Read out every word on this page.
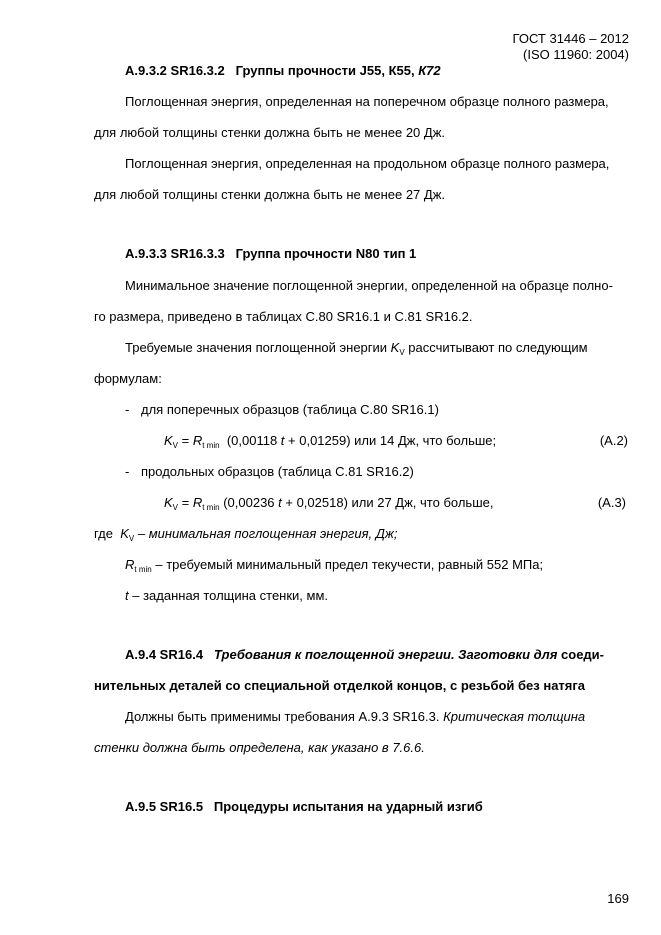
ГОСТ 31446 – 2012
(ISO 11960: 2004)
А.9.3.2 SR16.3.2 Группы прочности J55, К55, К72
Поглощенная энергия, определенная на поперечном образце полного размера,
для любой толщины стенки должна быть не менее 20 Дж.
Поглощенная энергия, определенная на продольном образце полного размера,
для любой толщины стенки должна быть не менее 27 Дж.
А.9.3.3 SR16.3.3 Группа прочности N80 тип 1
Минимальное значение поглощенной энергии, определенной на образце полно-
го размера, приведено в таблицах С.80 SR16.1 и С.81 SR16.2.
Требуемые значения поглощенной энергии $K_V$ рассчитывают по следующим
формулам:
- для поперечных образцов (таблица С.80 SR16.1)
$K_V = R_{t min}$ (0,00118 t + 0,01259) или 14 Дж, что больше;	(А.2)
- продольных образцов (таблица С.81 SR16.2)
$K_V = R_{t min}$ (0,00236 t + 0,02518) или 27 Дж, что больше,	(А.3)
где $K_V$ – минимальная поглощенная энергия, Дж;
$R_{t min}$ – требуемый минимальный предел текучести, равный 552 МПа;
t – заданная толщина стенки, мм.
А.9.4 SR16.4 Требования к поглощенной энергии. Заготовки для соеди-
нительных деталей со специальной отделкой концов, с резьбой без натяга
Должны быть применимы требования А.9.3 SR16.3. Критическая толщина
стенки должна быть определена, как указано в 7.6.6.
А.9.5 SR16.5 Процедуры испытания на ударный изгиб
169
